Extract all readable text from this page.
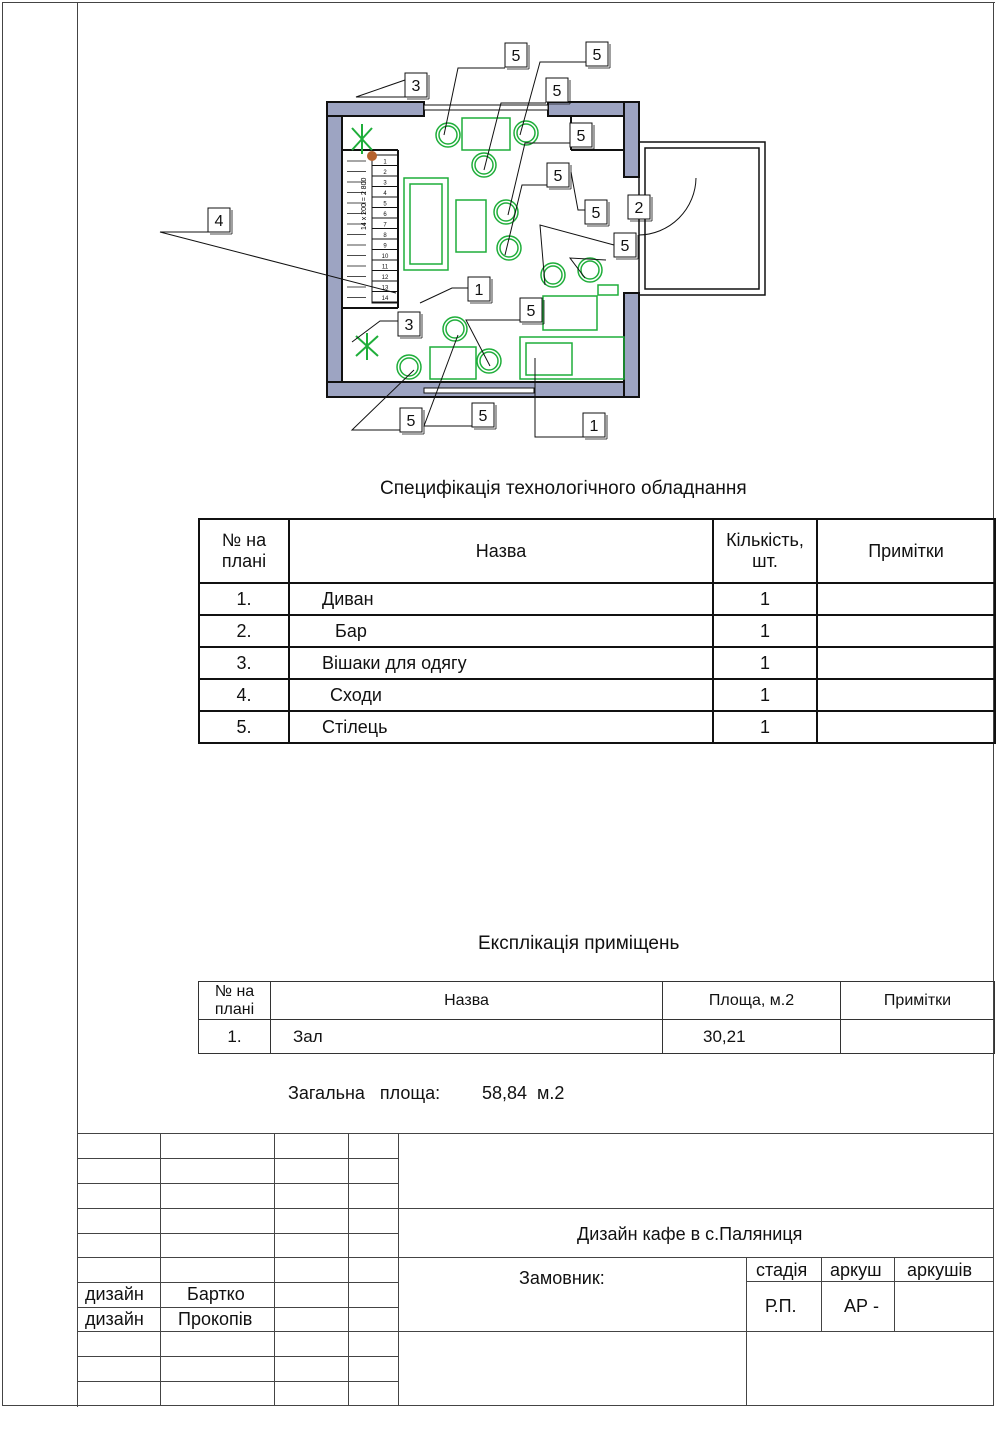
1
2
3
4
5
6
7
8
9
10
11
12
13
14
14 х 200 = 2 800
1
1
2
3
3
4
5	5
5
5
5
5
5
5
5	5
Специфікація технологічного обладнання
№ на плані	Назва	Кількість, шт.	Примітки
1.	Диван	1	
2.	Бар	1	
3.	Вішаки для одягу	1	
4.	Сходи	1	
5.	Стілець	1	
Експлікація приміщень
№ на плані	Назва	Площа, м.2	Примітки
1.	Зал	30,21	
Загальна   площа: 58,84  м.2
Дизайн кафе в с.Паляниця
Замовник:	стадія аркуш аркушів
Р.П.	АР -
дизайн Бартко
дизайн Прокопів
